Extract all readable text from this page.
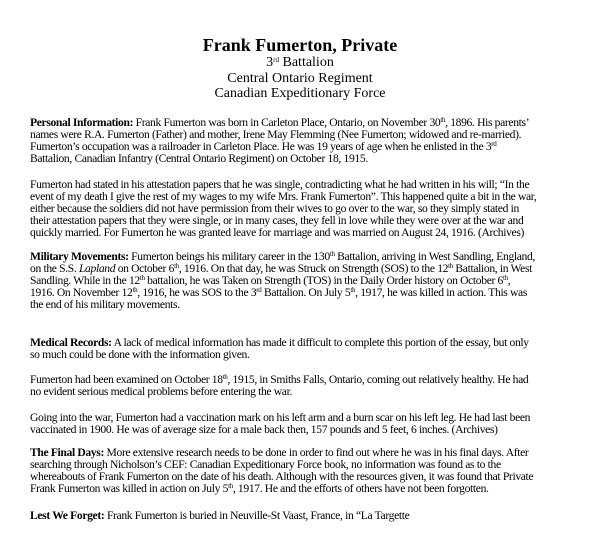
Frank Fumerton, Private
3rd Battalion
Central Ontario Regiment
Canadian Expeditionary Force
Personal Information: Frank Fumerton was born in Carleton Place, Ontario, on November 30th, 1896. His parents’
names were R.A. Fumerton (Father) and mother, Irene May Flemming (Nee Fumerton; widowed and re-married).
Fumerton’s occupation was a railroader in Carleton Place. He was 19 years of age when he enlisted in the 3rd
Battalion, Canadian Infantry (Central Ontario Regiment) on October 18, 1915.
Fumerton had stated in his attestation papers that he was single, contradicting what he had written in his will; “In the
event of my death I give the rest of my wages to my wife Mrs. Frank Fumerton”. This happened quite a bit in the war,
either because the soldiers did not have permission from their wives to go over to the war, so they simply stated in
their attestation papers that they were single, or in many cases, they fell in love while they were over at the war and
quickly married. For Fumerton he was granted leave for marriage and was married on August 24, 1916. (Archives)
Military Movements: Fumerton beings his military career in the 130th Battalion, arriving in West Sandling, England,
on the S.S. Lapland on October 6th, 1916. On that day, he was Struck on Strength (SOS) to the 12th Battalion, in West
Sandling. While in the 12th battalion, he was Taken on Strength (TOS) in the Daily Order history on October 6th,
1916. On November 12th, 1916, he was SOS to the 3rd Battalion. On July 5th, 1917, he was killed in action. This was
the end of his military movements.
Medical Records: A lack of medical information has made it difficult to complete this portion of the essay, but only
so much could be done with the information given.
Fumerton had been examined on October 18th, 1915, in Smiths Falls, Ontario, coming out relatively healthy. He had
no evident serious medical problems before entering the war.
Going into the war, Fumerton had a vaccination mark on his left arm and a burn scar on his left leg. He had last been
vaccinated in 1900. He was of average size for a male back then, 157 pounds and 5 feet, 6 inches. (Archives)
The Final Days: More extensive research needs to be done in order to find out where he was in his final days. After
searching through Nicholson’s CEF: Canadian Expeditionary Force book, no information was found as to the
whereabouts of Frank Fumerton on the date of his death. Although with the resources given, it was found that Private
Frank Fumerton was killed in action on July 5th, 1917. He and the efforts of others have not been forgotten.
Lest We Forget: Frank Fumerton is buried in Neuville-St Vaast, France, in “La Targette
